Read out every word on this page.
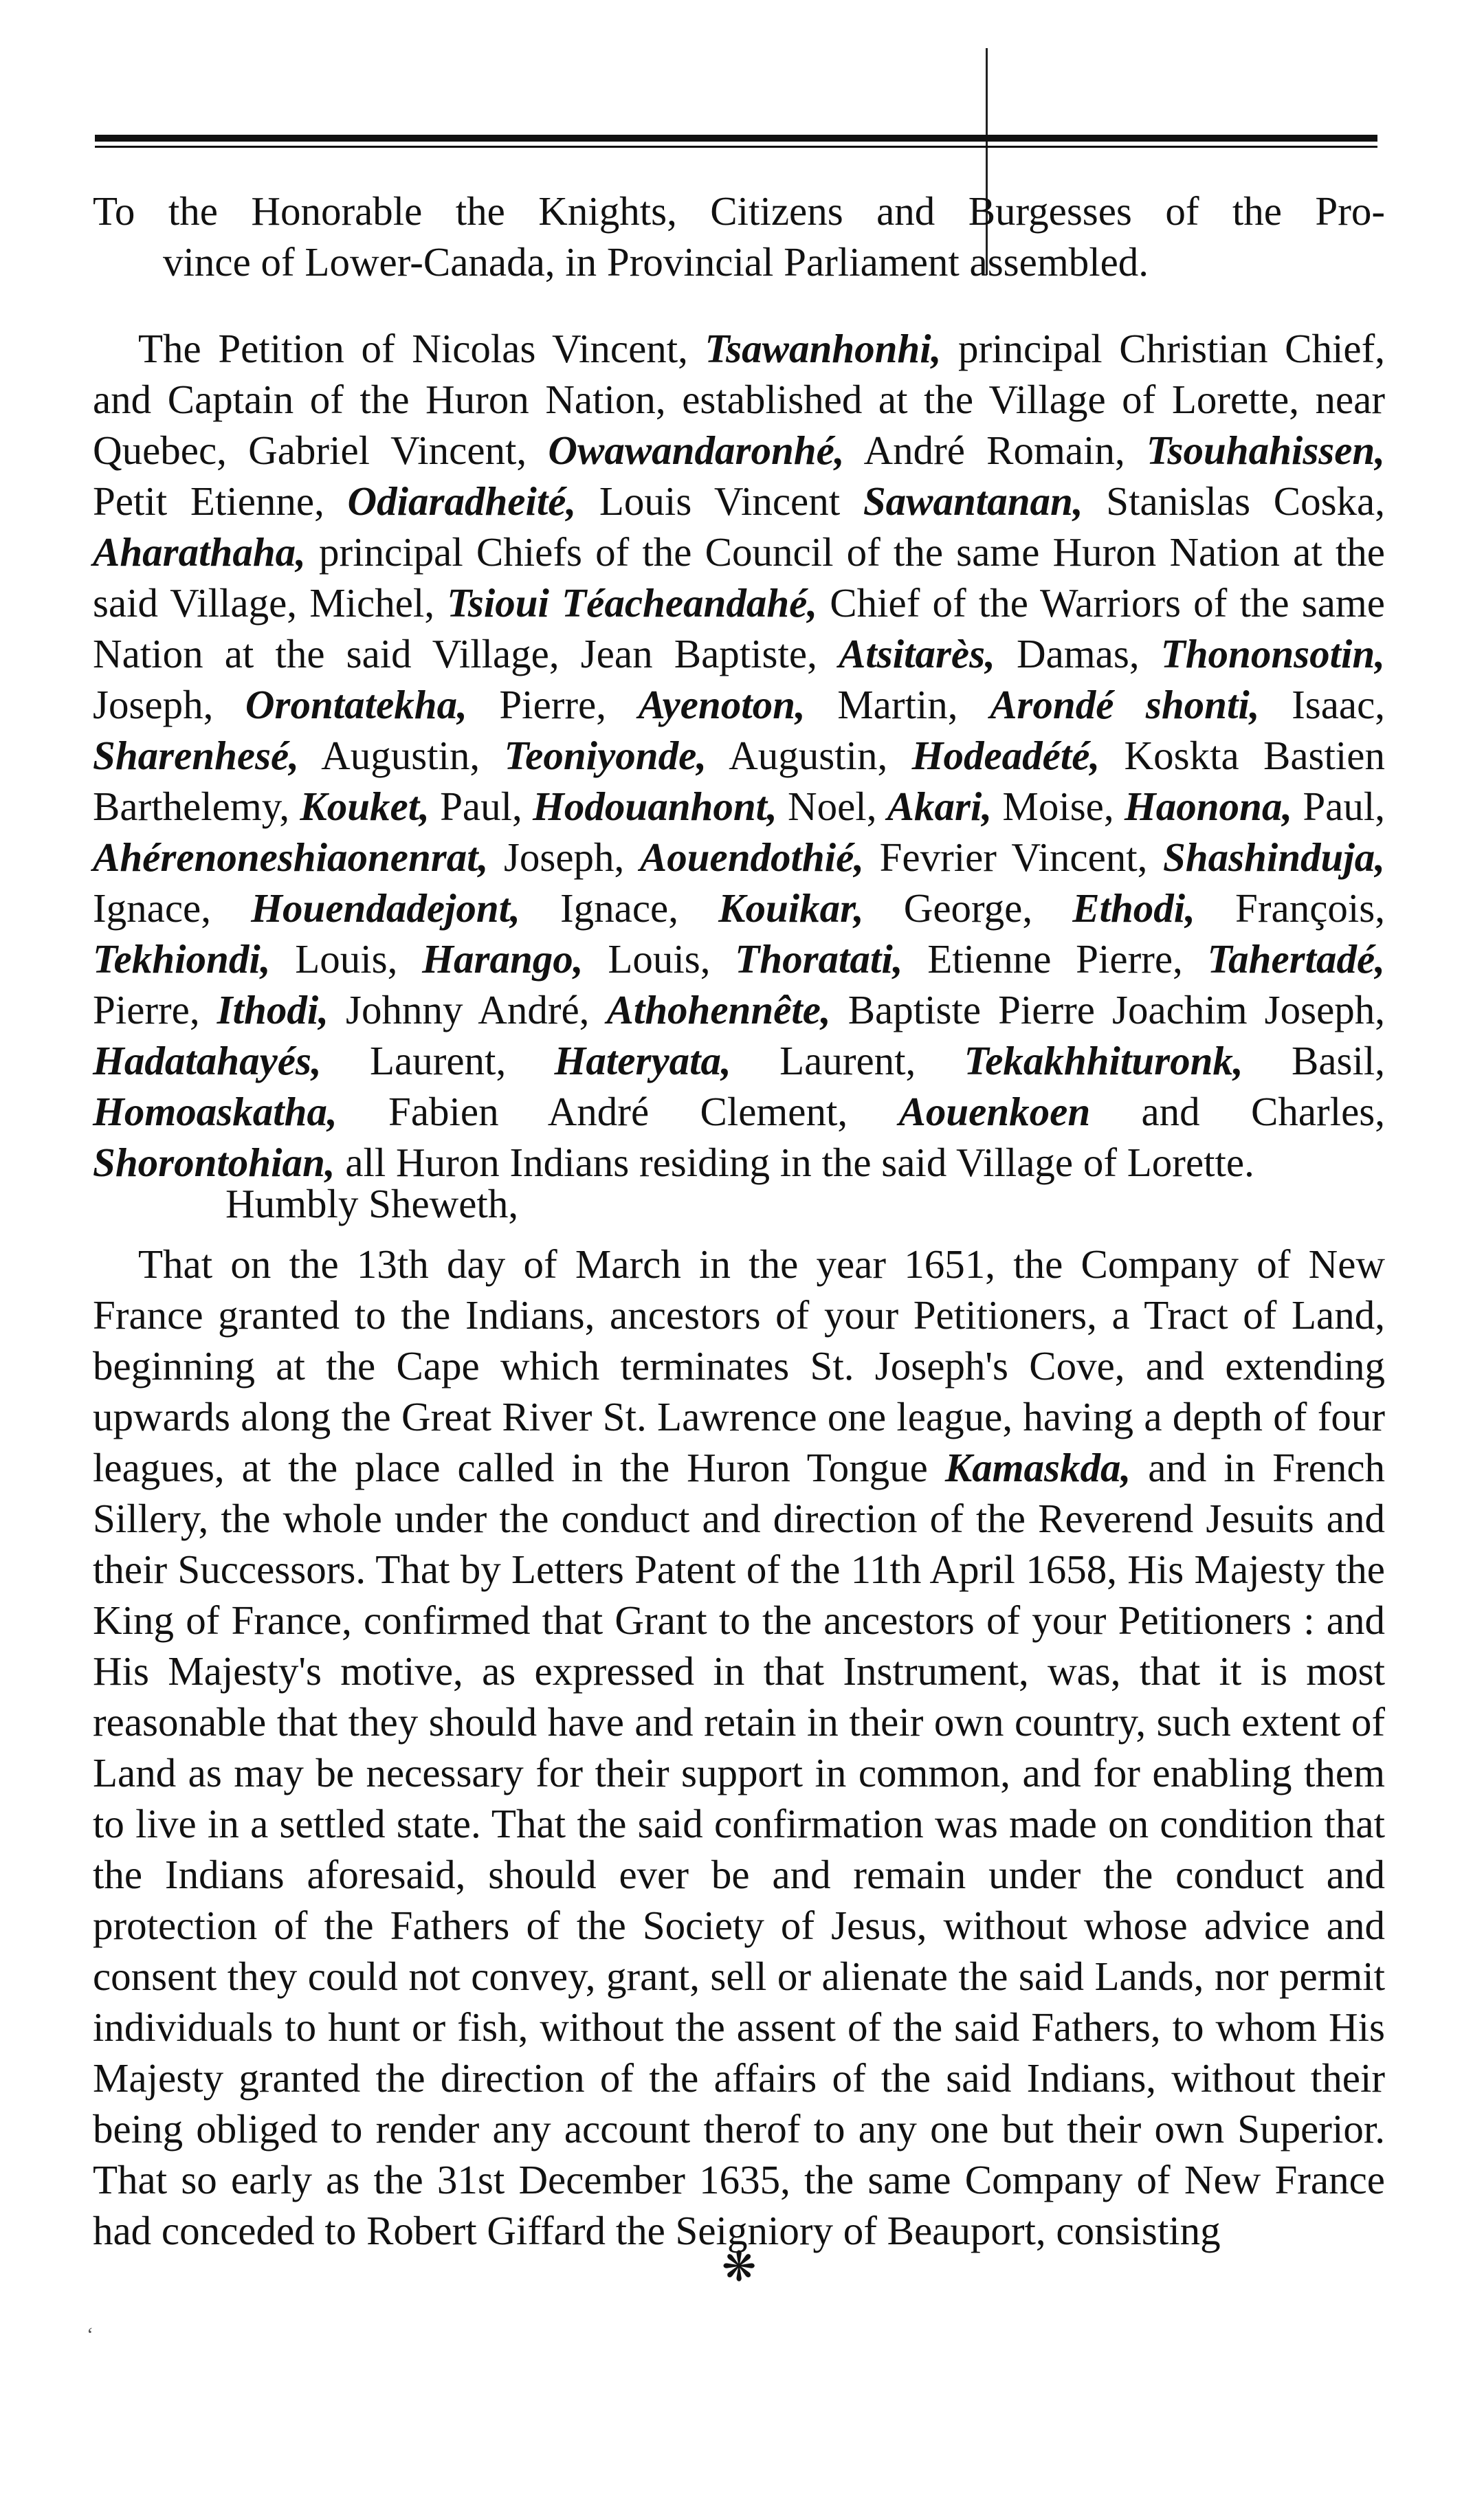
To the Honorable the Knights, Citizens and Burgesses of the Pro-
vince of Lower-Canada, in Provincial Parliament assembled.

The Petition of Nicolas Vincent, Tsawanhonhi, principal Christian Chief, and Captain of the Huron Nation, established at the Village of Lorette, near Quebec, Gabriel Vincent, Owawandaronhé, André Romain, Tsouhahissen, Petit Etienne, Odiaradheité, Louis Vincent Sawantanan, Stanislas Coska, Aharathaha, principal Chiefs of the Council of the same Huron Nation at the said Village, Michel, Tsioui Téacheandahé, Chief of the Warriors of the same Nation at the said Village, Jean Baptiste, Atsitarès, Damas, Thononsotin, Joseph, Orontatekha, Pierre, Ayenoton, Martin, Arondé shonti, Isaac, Sharenhesé, Augustin, Teoniyonde, Augustin, Hodeadété, Koskta Bastien Barthelemy, Kouket, Paul, Hodouanhont, Noel, Akari, Moise, Haonona, Paul, Ahérenoneshiaonenrat, Joseph, Aouendothié, Fevrier Vincent, Shashinduja, Ignace, Houendadejont, Ignace, Kouikar, George, Ethodi, François, Tekhiondi, Louis, Harango, Louis, Thoratati, Etienne Pierre, Tahertadé, Pierre, Ithodi, Johnny André, Athohennête, Baptiste Pierre Joachim Joseph, Hadatahayés, Laurent, Hateryata, Laurent, Tekakhhituronk, Basil, Homoaskatha, Fabien André Clement, Aouenkoen and Charles, Shorontohian, all Huron Indians residing in the said Village of Lorette.

Humbly Sheweth,

That on the 13th day of March in the year 1651, the Company of New France granted to the Indians, ancestors of your Petitioners, a Tract of Land, beginning at the Cape which terminates St. Joseph's Cove, and extending upwards along the Great River St. Lawrence one league, having a depth of four leagues, at the place called in the Huron Tongue Kamaskda, and in French Sillery, the whole under the conduct and direction of the Reverend Jesuits and their Successors. That by Letters Patent of the 11th April 1658, His Majesty the King of France, confirmed that Grant to the ancestors of your Petitioners : and His Majesty's motive, as expressed in that Instrument, was, that it is most reasonable that they should have and retain in their own country, such extent of Land as may be necessary for their support in common, and for enabling them to live in a settled state. That the said confirmation was made on condition that the Indians aforesaid, should ever be and remain under the conduct and protection of the Fathers of the Society of Jesus, without whose advice and consent they could not convey, grant, sell or alienate the said Lands, nor permit individuals to hunt or fish, without the assent of the said Fathers, to whom His Majesty granted the direction of the affairs of the said Indians, without their being obliged to render any account therof to any one but their own Superior. That so early as the 31st December 1635, the same Company of New France had conceded to Robert Giffard the Seigniory of Beauport, consisting

❋
ʻ
